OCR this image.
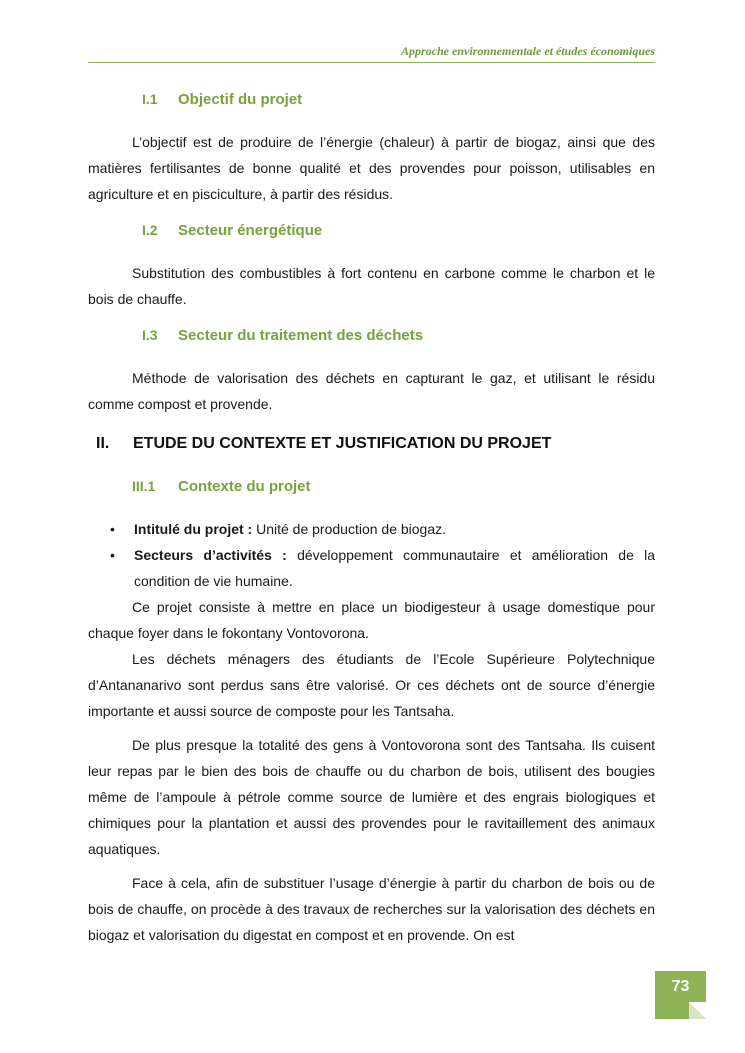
Approche environnementale et études économiques
I.1	Objectif du projet

L’objectif est de produire de l’énergie (chaleur) à partir de biogaz, ainsi que des matières fertilisantes de bonne qualité et des provendes pour poisson, utilisables en agriculture et en pisciculture, à partir des résidus.

I.2	Secteur énergétique

Substitution des combustibles à fort contenu en carbone comme le charbon et le bois de chauffe.

I.3	Secteur du traitement des déchets

Méthode de valorisation des déchets en capturant le gaz, et utilisant le résidu comme compost et provende.

II.	ETUDE DU CONTEXTE ET JUSTIFICATION DU PROJET
III.1	Contexte du projet
• Intitulé du projet : Unité de production de biogaz.
• Secteurs d’activités : développement communautaire et amélioration de la condition de vie humaine.

Ce projet consiste à mettre en place un biodigesteur à usage domestique pour chaque foyer dans le fokontany Vontovorona.

Les déchets ménagers des étudiants de l’Ecole Supérieure Polytechnique d’Antananarivo sont perdus sans être valorisé. Or ces déchets ont de source d’énergie importante et aussi source de composte pour les Tantsaha.

De plus presque la totalité des gens à Vontovorona sont des Tantsaha. Ils cuisent leur repas par le bien des bois de chauffe ou du charbon de bois, utilisent des bougies même de l’ampoule à pétrole comme source de lumière et des engrais biologiques et chimiques pour la plantation et aussi des provendes pour le ravitaillement des animaux aquatiques.

Face à cela, afin de substituer l’usage d’énergie à partir du charbon de bois ou de bois de chauffe, on procède à des travaux de recherches sur la valorisation des déchets en biogaz et valorisation du digestat en compost et en provende. On est

73
